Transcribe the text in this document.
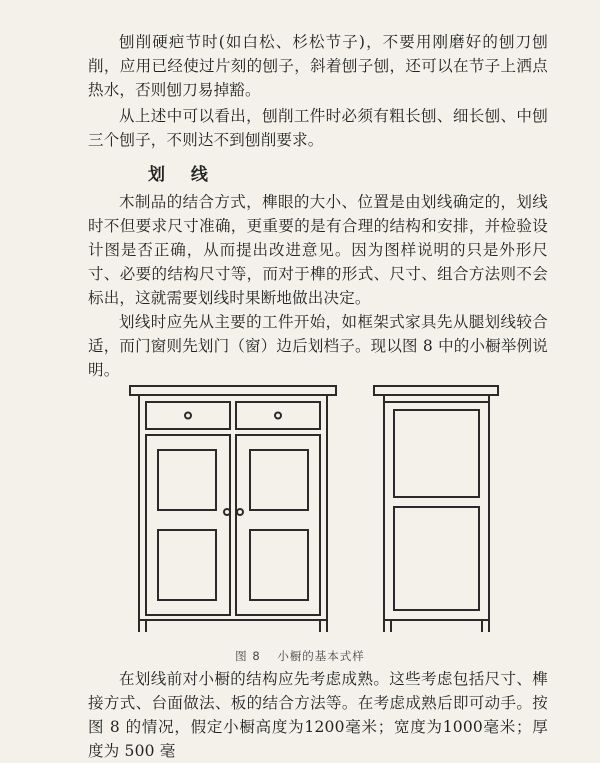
刨削硬疤节时(如白松、杉松节子)，不要用刚磨好的刨刀刨削，应用已经使过片刻的刨子，斜着刨子刨，还可以在节子上洒点热水，否则刨刀易掉豁。

从上述中可以看出，刨削工件时必须有粗长刨、细长刨、中刨三个刨子，不则达不到刨削要求。

划 线

木制品的结合方式，榫眼的大小、位置是由划线确定的，划线时不但要求尺寸准确，更重要的是有合理的结构和安排，并检验设计图是否正确，从而提出改进意见。因为图样说明的只是外形尺寸、必要的结构尺寸等，而对于榫的形式、尺寸、组合方法则不会标出，这就需要划线时果断地做出决定。

划线时应先从主要的工件开始，如框架式家具先从腿划线较合适，而门窗则先划门（窗）边后划档子。现以图 8 中的小橱举例说明。

图 8 小橱的基本式样

在划线前对小橱的结构应先考虑成熟。这些考虑包括尺寸、榫接方式、台面做法、板的结合方法等。在考虑成熟后即可动手。按图 8 的情况，假定小橱高度为1200毫米；宽度为1000毫米；厚度为 500 毫
